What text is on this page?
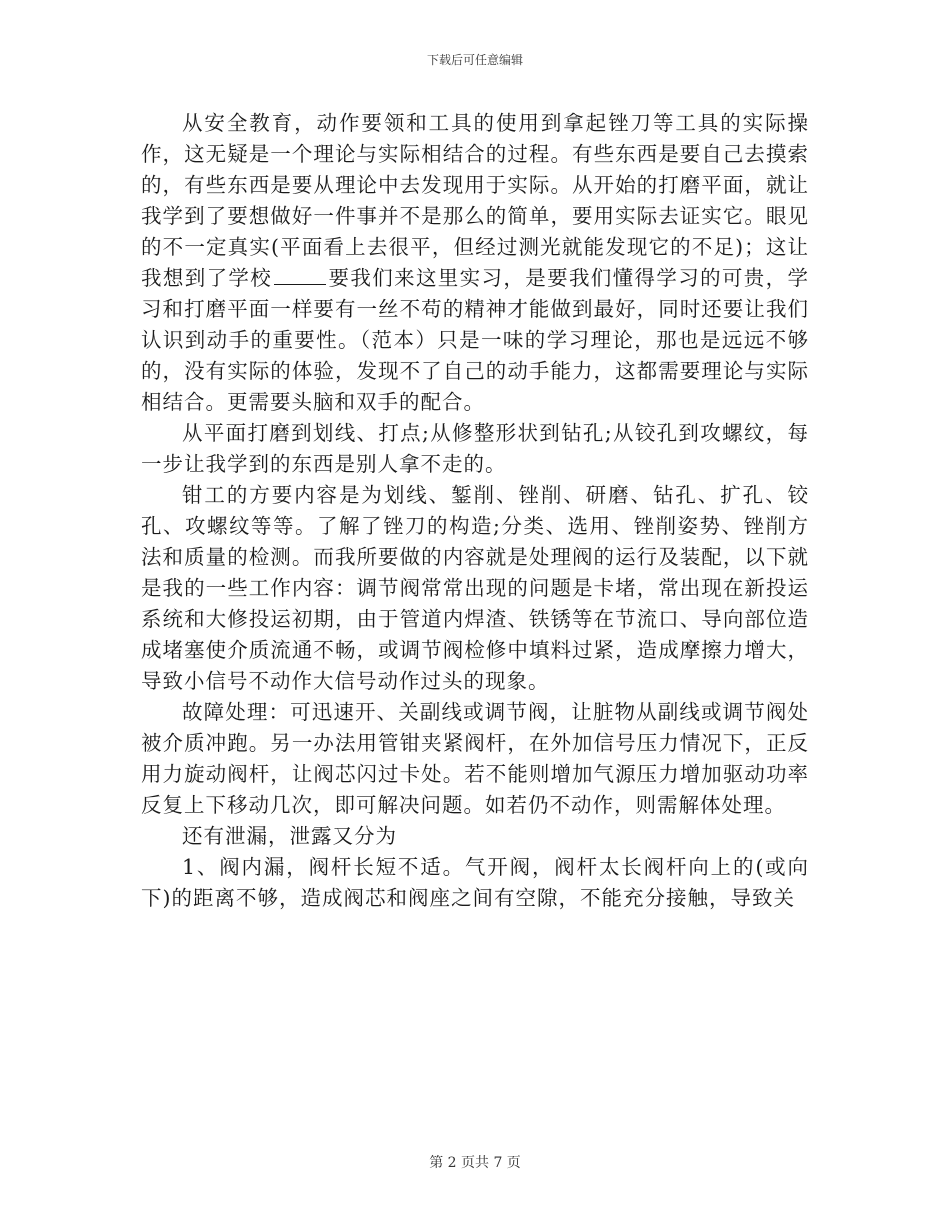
下载后可任意编辑

从安全教育，动作要领和工具的使用到拿起锉刀等工具的实际操作，这无疑是一个理论与实际相结合的过程。有些东西是要自己去摸索的，有些东西是要从理论中去发现用于实际。从开始的打磨平面，就让我学到了要想做好一件事并不是那么的简单，要用实际去证实它。眼见的不一定真实(平面看上去很平，但经过测光就能发现它的不足)；这让我想到了学校	要我们来这里实习，是要我们懂得学习的可贵，学习和打磨平面一样要有一丝不苟的精神才能做到最好，同时还要让我们认识到动手的重要性。（范本）只是一味的学习理论，那也是远远不够的，没有实际的体验，发现不了自己的动手能力，这都需要理论与实际相结合。更需要头脑和双手的配合。

从平面打磨到划线、打点;从修整形状到钻孔;从铰孔到攻螺纹，每一步让我学到的东西是别人拿不走的。

钳工的方要内容是为划线、錾削、锉削、研磨、钻孔、扩孔、铰孔、攻螺纹等等。了解了锉刀的构造;分类、选用、锉削姿势、锉削方法和质量的检测。而我所要做的内容就是处理阀的运行及装配，以下就是我的一些工作内容：调节阀常常出现的问题是卡堵，常出现在新投运系统和大修投运初期，由于管道内焊渣、铁锈等在节流口、导向部位造成堵塞使介质流通不畅，或调节阀检修中填料过紧，造成摩擦力增大，导致小信号不动作大信号动作过头的现象。

故障处理：可迅速开、关副线或调节阀，让脏物从副线或调节阀处被介质冲跑。另一办法用管钳夹紧阀杆，在外加信号压力情况下，正反用力旋动阀杆，让阀芯闪过卡处。若不能则增加气源压力增加驱动功率反复上下移动几次，即可解决问题。如若仍不动作，则需解体处理。

还有泄漏，泄露又分为

1、阀内漏，阀杆长短不适。气开阀，阀杆太长阀杆向上的(或向下)的距离不够，造成阀芯和阀座之间有空隙，不能充分接触，导致关

第 2 页共 7 页
